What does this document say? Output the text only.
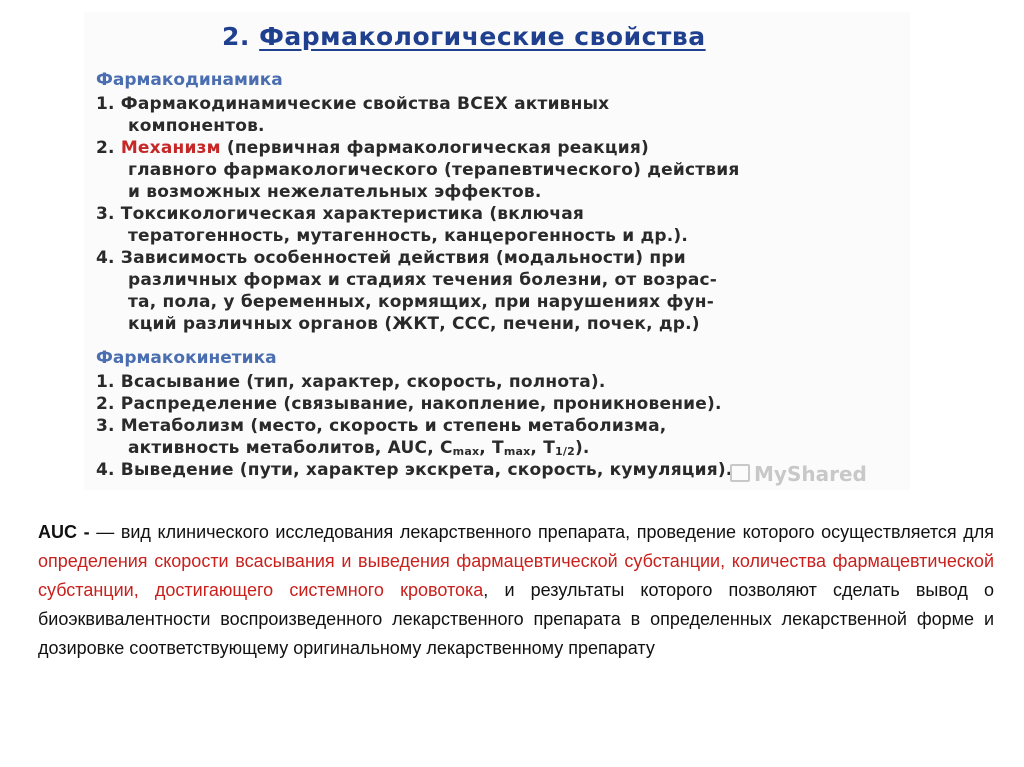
2. Фармакологические свойства
Фармакодинамика
1. Фармакодинамические свойства ВСЕХ активных
компонентов.
2. Механизм (первичная фармакологическая реакция)
главного фармакологического (терапевтического) действия
и возможных нежелательных эффектов.
3. Токсикологическая характеристика (включая
тератогенность, мутагенность, канцерогенность и др.).
4. Зависимость особенностей действия (модальности) при
различных формах и стадиях течения болезни, от возрас-
та, пола, у беременных, кормящих, при нарушениях фун-
кций различных органов (ЖКТ, ССС, печени, почек, др.)
Фармакокинетика
1. Всасывание (тип, характер, скорость, полнота).
2. Распределение (связывание, накопление, проникновение).
3. Метаболизм (место, скорость и степень метаболизма,
активность метаболитов, AUC, $C_{max}$, $T_{max}$, $T_{1/2}$).
4. Выведение (пути, характер экскрета, скорость, кумуляция).	MyShared
AUC - — вид клинического исследования лекарственного препарата, проведение которого осуществляется для определения скорости всасывания и выведения фармацевтической субстанции, количества фармацевтической субстанции, достигающего системного кровотока, и результаты которого позволяют сделать вывод о биоэквивалентности воспроизведенного лекарственного препарата в определенных лекарственной форме и дозировке соответствующему оригинальному лекарственному препарату
